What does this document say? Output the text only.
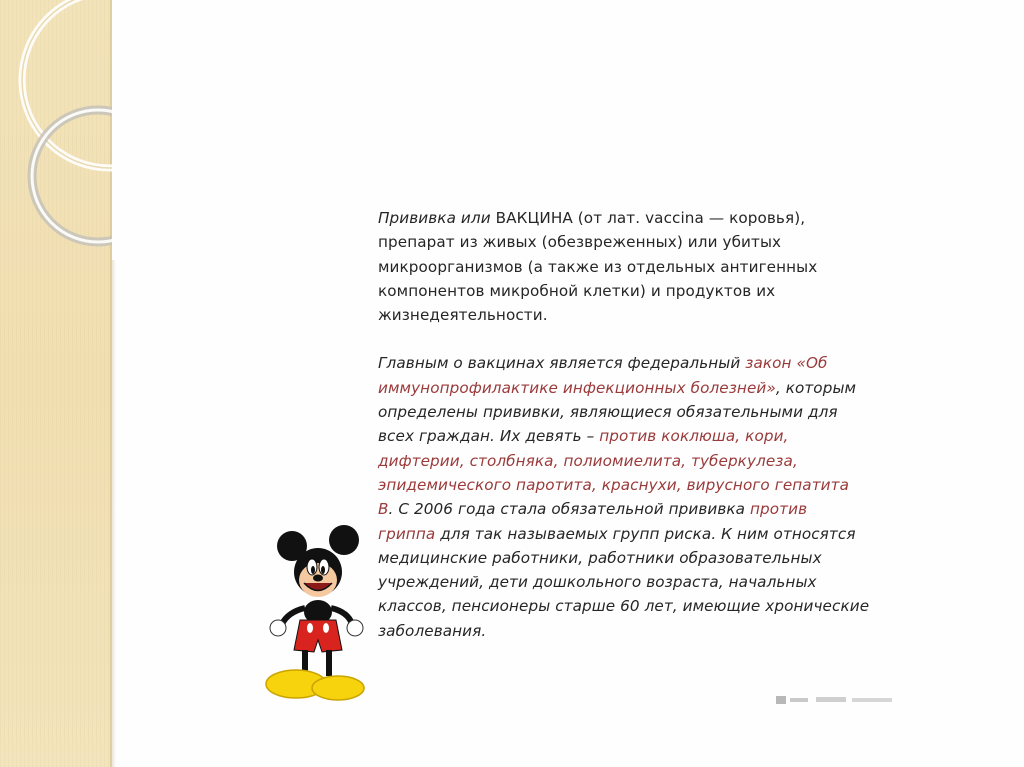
Прививка или ВАКЦИНА (от лат. vaccina — коровья),
препарат из живых (обезвреженных) или убитых
микроорганизмов (а также из отдельных антигенных
компонентов микробной клетки) и продуктов их
жизнедеятельности.

Главным о вакцинах является федеральный закон «Об
иммунопрофилактике инфекционных болезней», которым
определены прививки, являющиеся обязательными для
всех граждан. Их девять – против коклюша, кори,
дифтерии, столбняка, полиомиелита, туберкулеза,
эпидемического паротита, краснухи, вирусного гепатита
В. С 2006 года стала обязательной прививка против
гриппа для так называемых групп риска. К ним относятся
медицинские работники, работники образовательных
учреждений, дети дошкольного возраста, начальных
классов, пенсионеры старше 60 лет, имеющие хронические
заболевания.
